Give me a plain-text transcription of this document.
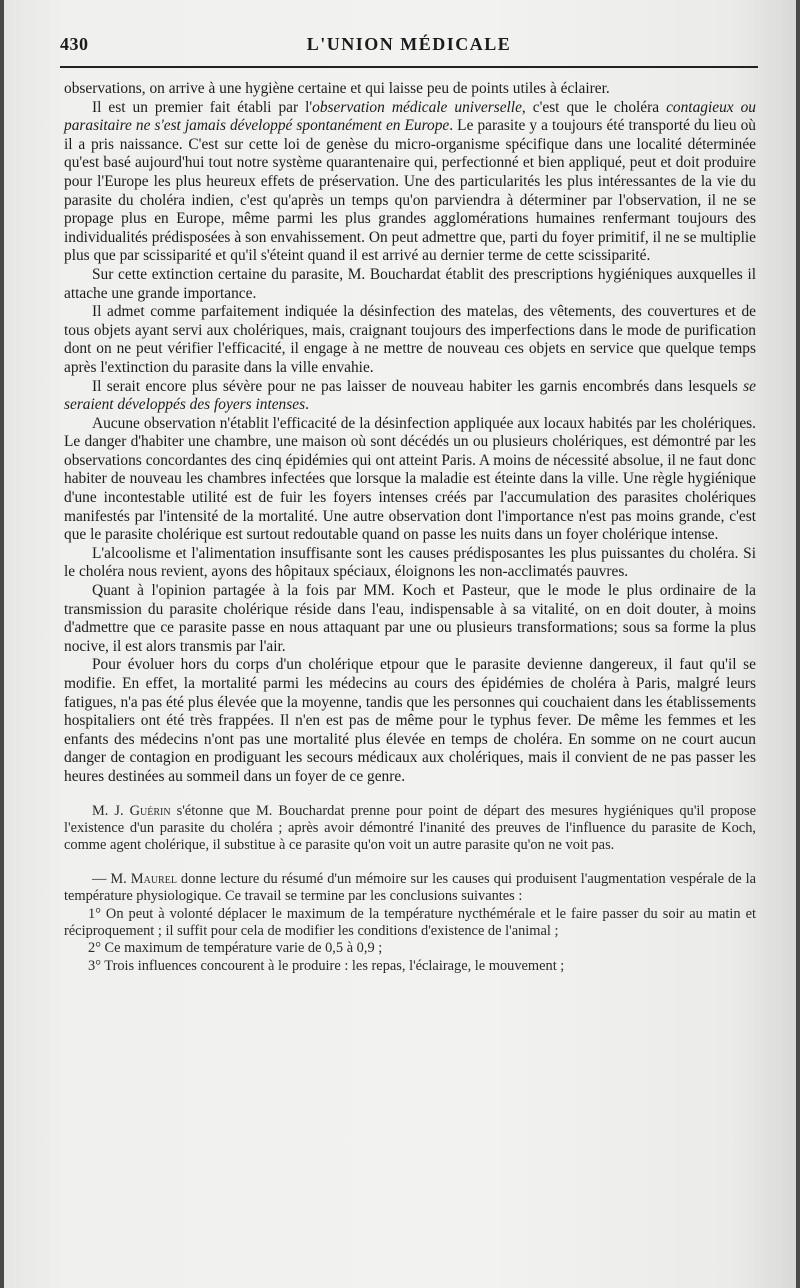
430	L'UNION MÉDICALE

observations, on arrive à une hygiène certaine et qui laisse peu de points utiles à éclairer.

Il est un premier fait établi par l'observation médicale universelle, c'est que le choléra contagieux ou parasitaire ne s'est jamais développé spontanément en Europe. Le parasite y a toujours été transporté du lieu où il a pris naissance. C'est sur cette loi de genèse du micro-organisme spécifique dans une localité déterminée qu'est basé aujourd'hui tout notre système quarantenaire qui, perfectionné et bien appliqué, peut et doit produire pour l'Europe les plus heureux effets de préservation. Une des particularités les plus intéressantes de la vie du parasite du choléra indien, c'est qu'après un temps qu'on parviendra à déterminer par l'observation, il ne se propage plus en Europe, même parmi les plus grandes agglomérations humaines renfermant toujours des individualités prédisposées à son envahissement. On peut admettre que, parti du foyer primitif, il ne se multiplie plus que par scissiparité et qu'il s'éteint quand il est arrivé au dernier terme de cette scissiparité.

Sur cette extinction certaine du parasite, M. Bouchardat établit des prescriptions hygiéniques auxquelles il attache une grande importance.

Il admet comme parfaitement indiquée la désinfection des matelas, des vêtements, des couvertures et de tous objets ayant servi aux cholériques, mais, craignant toujours des imperfections dans le mode de purification dont on ne peut vérifier l'efficacité, il engage à ne mettre de nouveau ces objets en service que quelque temps après l'extinction du parasite dans la ville envahie.

Il serait encore plus sévère pour ne pas laisser de nouveau habiter les garnis encombrés dans lesquels se seraient développés des foyers intenses.

Aucune observation n'établit l'efficacité de la désinfection appliquée aux locaux habités par les cholériques. Le danger d'habiter une chambre, une maison où sont décédés un ou plusieurs cholériques, est démontré par les observations concordantes des cinq épidémies qui ont atteint Paris. A moins de nécessité absolue, il ne faut donc habiter de nouveau les chambres infectées que lorsque la maladie est éteinte dans la ville. Une règle hygiénique d'une incontestable utilité est de fuir les foyers intenses créés par l'accumulation des parasites cholériques manifestés par l'intensité de la mortalité. Une autre observation dont l'importance n'est pas moins grande, c'est que le parasite cholérique est surtout redoutable quand on passe les nuits dans un foyer cholérique intense.

L'alcoolisme et l'alimentation insuffisante sont les causes prédisposantes les plus puissantes du choléra. Si le choléra nous revient, ayons des hôpitaux spéciaux, éloignons les non-acclimatés pauvres.

Quant à l'opinion partagée à la fois par MM. Koch et Pasteur, que le mode le plus ordinaire de la transmission du parasite cholérique réside dans l'eau, indispensable à sa vitalité, on en doit douter, à moins d'admettre que ce parasite passe en nous attaquant par une ou plusieurs transformations; sous sa forme la plus nocive, il est alors transmis par l'air.

Pour évoluer hors du corps d'un cholérique etpour que le parasite devienne dangereux, il faut qu'il se modifie. En effet, la mortalité parmi les médecins au cours des épidémies de choléra à Paris, malgré leurs fatigues, n'a pas été plus élevée que la moyenne, tandis que les personnes qui couchaient dans les établissements hospitaliers ont été très frappées. Il n'en est pas de même pour le typhus fever. De même les femmes et les enfants des médecins n'ont pas une mortalité plus élevée en temps de choléra. En somme on ne court aucun danger de contagion en prodiguant les secours médicaux aux cholériques, mais il convient de ne pas passer les heures destinées au sommeil dans un foyer de ce genre.

M. J. Guérin s'étonne que M. Bouchardat prenne pour point de départ des mesures hygiéniques qu'il propose l'existence d'un parasite du choléra ; après avoir démontré l'inanité des preuves de l'influence du parasite de Koch, comme agent cholérique, il substitue à ce parasite qu'on voit un autre parasite qu'on ne voit pas.

— M. Maurel donne lecture du résumé d'un mémoire sur les causes qui produisent l'augmentation vespérale de la température physiologique. Ce travail se termine par les conclusions suivantes :

1° On peut à volonté déplacer le maximum de la température nycthémérale et le faire passer du soir au matin et réciproquement ; il suffit pour cela de modifier les conditions d'existence de l'animal ;

2° Ce maximum de température varie de 0,5 à 0,9 ;

3° Trois influences concourent à le produire : les repas, l'éclairage, le mouvement ;
